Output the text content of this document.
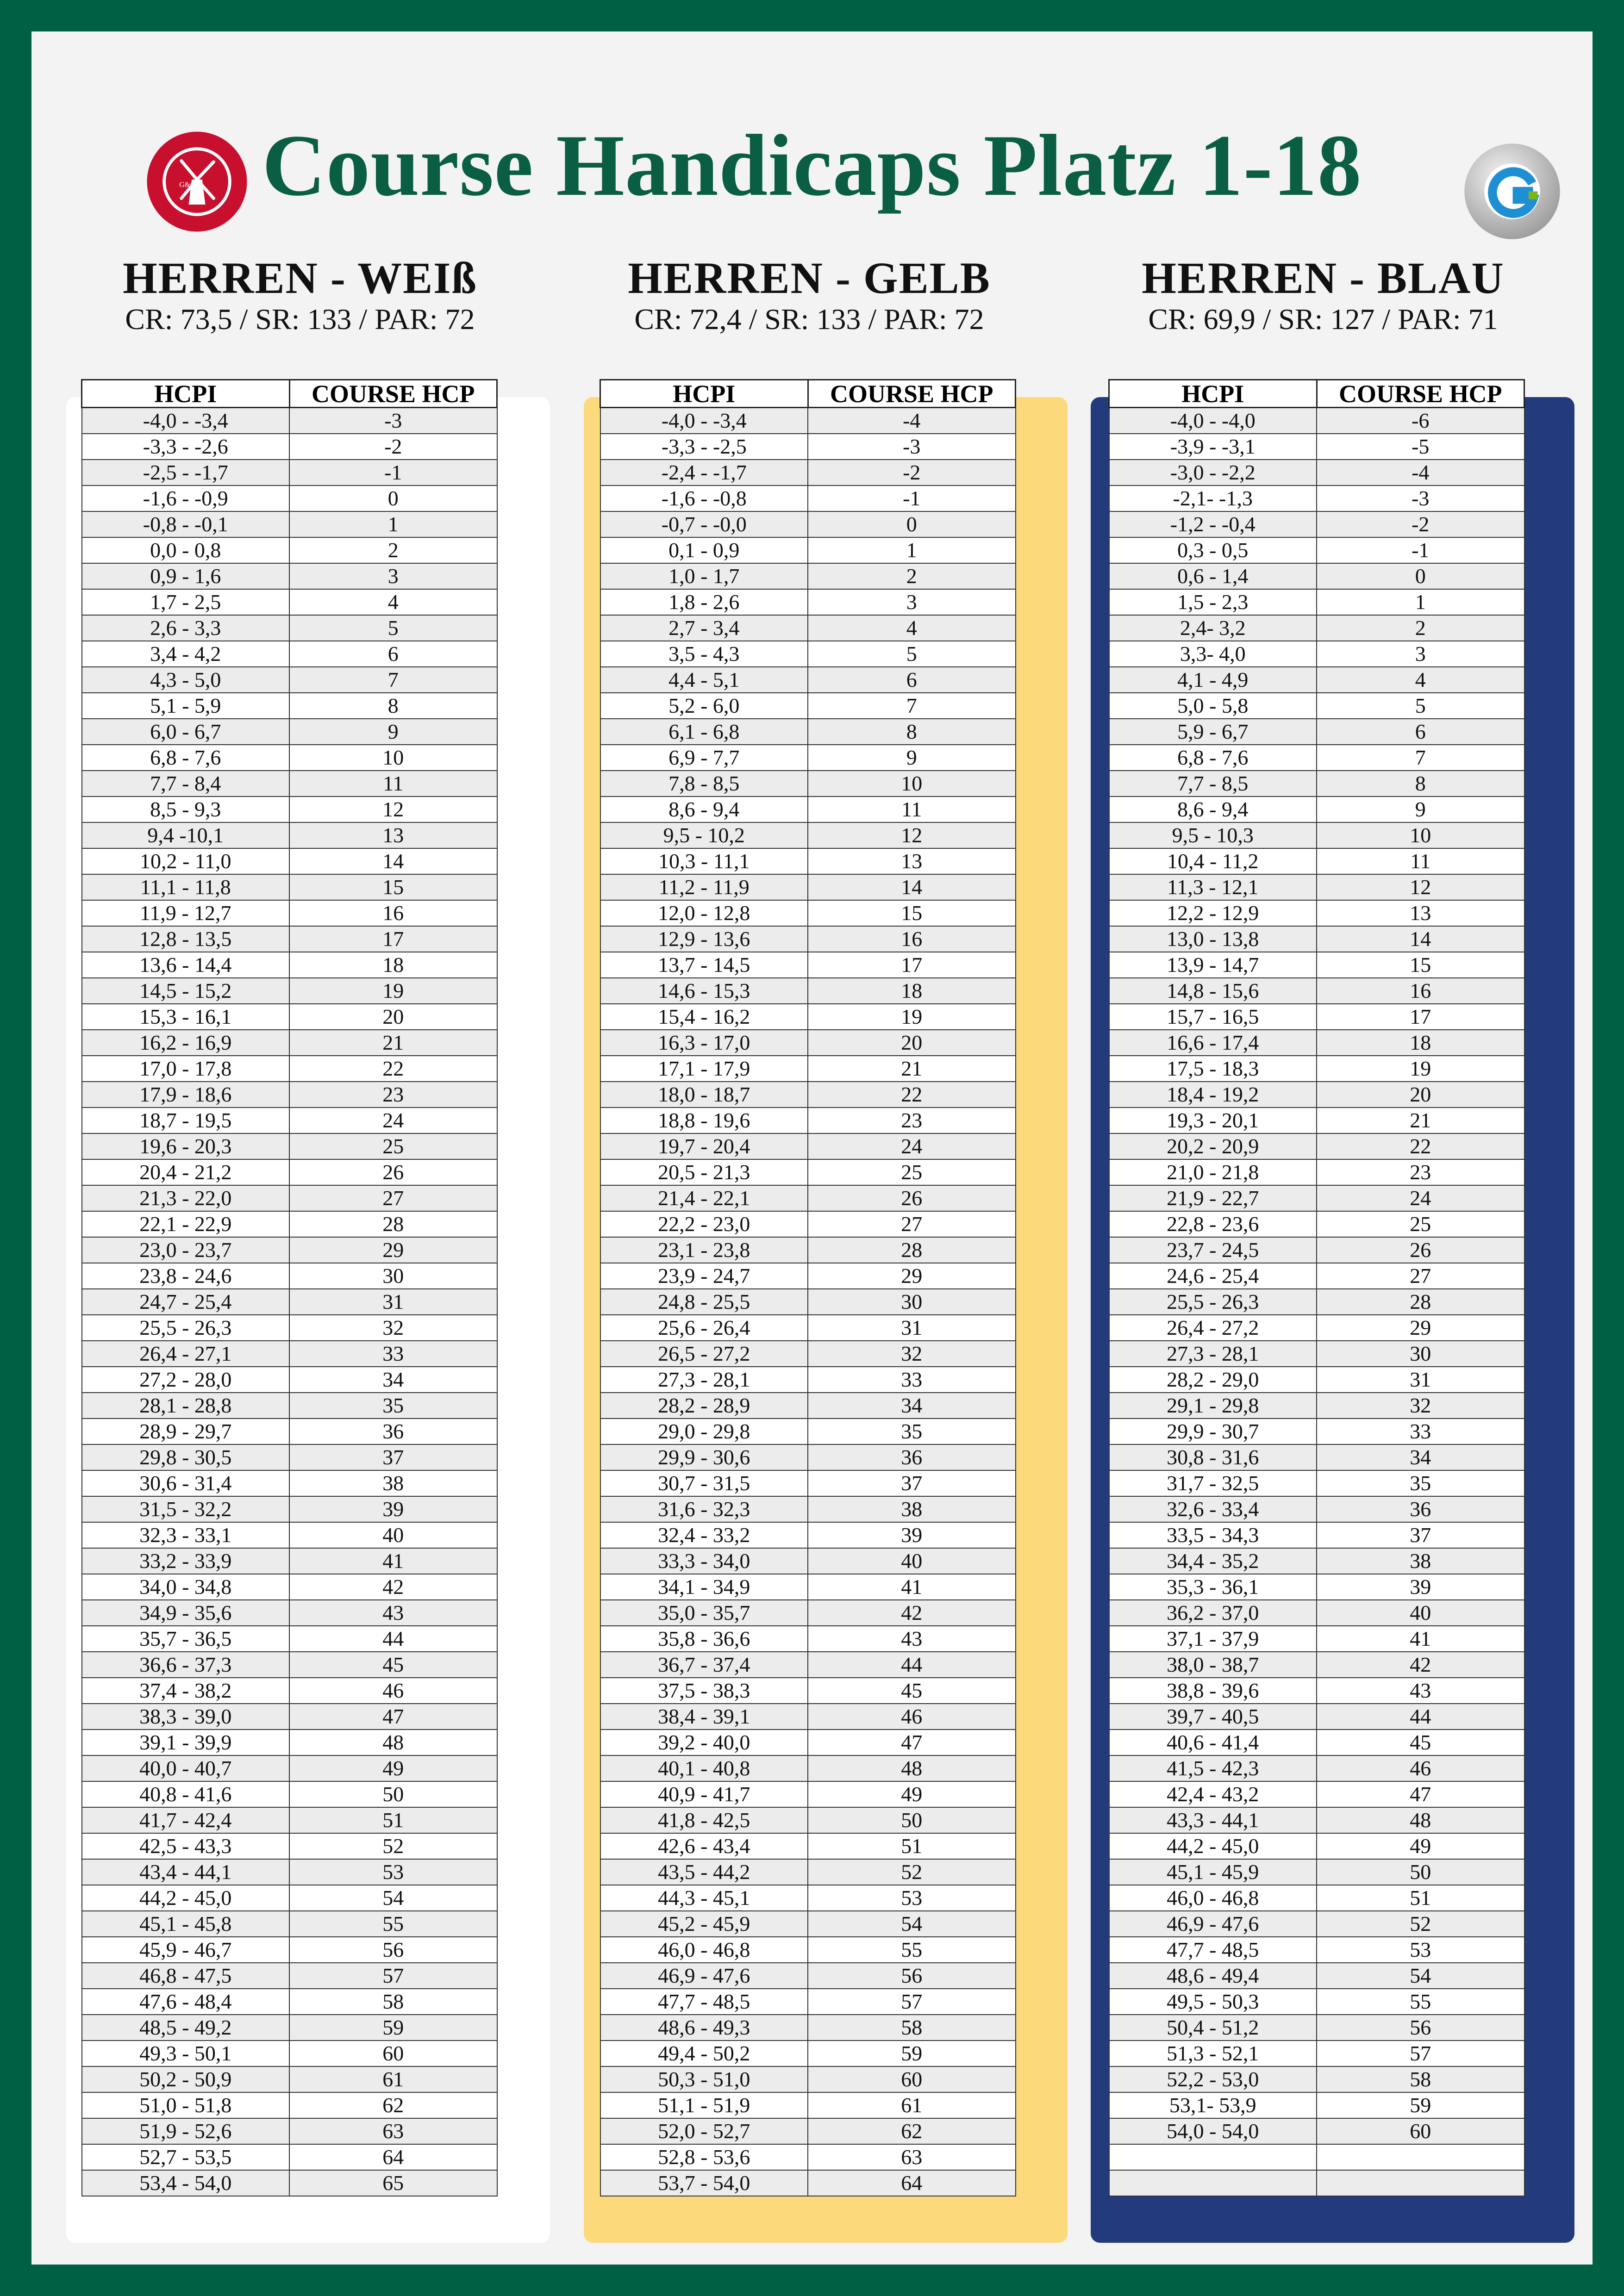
G&CC Course Handicaps Platz 1-18
HERREN - WEIß
CR: 73,5 / SR: 133 / PAR: 72
HERREN - GELB
CR: 72,4 / SR: 133 / PAR: 72
HERREN - BLAU
CR: 69,9 / SR: 127 / PAR: 71
HCPI	COURSE HCP
-4,0 - -3,4	-3
-3,3 - -2,6	-2
-2,5 - -1,7	-1
-1,6 - -0,9	0
-0,8 - -0,1	1
0,0 - 0,8	2
0,9 - 1,6	3
1,7 - 2,5	4
2,6 - 3,3	5
3,4 - 4,2	6
4,3 - 5,0	7
5,1 - 5,9	8
6,0 - 6,7	9
6,8 - 7,6	10
7,7 - 8,4	11
8,5 - 9,3	12
9,4 -10,1	13
10,2 - 11,0	14
11,1 - 11,8	15
11,9 - 12,7	16
12,8 - 13,5	17
13,6 - 14,4	18
14,5 - 15,2	19
15,3 - 16,1	20
16,2 - 16,9	21
17,0 - 17,8	22
17,9 - 18,6	23
18,7 - 19,5	24
19,6 - 20,3	25
20,4 - 21,2	26
21,3 - 22,0	27
22,1 - 22,9	28
23,0 - 23,7	29
23,8 - 24,6	30
24,7 - 25,4	31
25,5 - 26,3	32
26,4 - 27,1	33
27,2 - 28,0	34
28,1 - 28,8	35
28,9 - 29,7	36
29,8 - 30,5	37
30,6 - 31,4	38
31,5 - 32,2	39
32,3 - 33,1	40
33,2 - 33,9	41
34,0 - 34,8	42
34,9 - 35,6	43
35,7 - 36,5	44
36,6 - 37,3	45
37,4 - 38,2	46
38,3 - 39,0	47
39,1 - 39,9	48
40,0 - 40,7	49
40,8 - 41,6	50
41,7 - 42,4	51
42,5 - 43,3	52
43,4 - 44,1	53
44,2 - 45,0	54
45,1 - 45,8	55
45,9 - 46,7	56
46,8 - 47,5	57
47,6 - 48,4	58
48,5 - 49,2	59
49,3 - 50,1	60
50,2 - 50,9	61
51,0 - 51,8	62
51,9 - 52,6	63
52,7 - 53,5	64
53,4 - 54,0	65
HCPI	COURSE HCP
-4,0 - -3,4	-4
-3,3 - -2,5	-3
-2,4 - -1,7	-2
-1,6 - -0,8	-1
-0,7 - -0,0	0
0,1 - 0,9	1
1,0 - 1,7	2
1,8 - 2,6	3
2,7 - 3,4	4
3,5 - 4,3	5
4,4 - 5,1	6
5,2 - 6,0	7
6,1 - 6,8	8
6,9 - 7,7	9
7,8 - 8,5	10
8,6 - 9,4	11
9,5 - 10,2	12
10,3 - 11,1	13
11,2 - 11,9	14
12,0 - 12,8	15
12,9 - 13,6	16
13,7 - 14,5	17
14,6 - 15,3	18
15,4 - 16,2	19
16,3 - 17,0	20
17,1 - 17,9	21
18,0 - 18,7	22
18,8 - 19,6	23
19,7 - 20,4	24
20,5 - 21,3	25
21,4 - 22,1	26
22,2 - 23,0	27
23,1 - 23,8	28
23,9 - 24,7	29
24,8 - 25,5	30
25,6 - 26,4	31
26,5 - 27,2	32
27,3 - 28,1	33
28,2 - 28,9	34
29,0 - 29,8	35
29,9 - 30,6	36
30,7 - 31,5	37
31,6 - 32,3	38
32,4 - 33,2	39
33,3 - 34,0	40
34,1 - 34,9	41
35,0 - 35,7	42
35,8 - 36,6	43
36,7 - 37,4	44
37,5 - 38,3	45
38,4 - 39,1	46
39,2 - 40,0	47
40,1 - 40,8	48
40,9 - 41,7	49
41,8 - 42,5	50
42,6 - 43,4	51
43,5 - 44,2	52
44,3 - 45,1	53
45,2 - 45,9	54
46,0 - 46,8	55
46,9 - 47,6	56
47,7 - 48,5	57
48,6 - 49,3	58
49,4 - 50,2	59
50,3 - 51,0	60
51,1 - 51,9	61
52,0 - 52,7	62
52,8 - 53,6	63
53,7 - 54,0	64
HCPI	COURSE HCP
-4,0 - -4,0	-6
-3,9 - -3,1	-5
-3,0 - -2,2	-4
-2,1- -1,3	-3
-1,2 - -0,4	-2
0,3 - 0,5	-1
0,6 - 1,4	0
1,5 - 2,3	1
2,4- 3,2	2
3,3- 4,0	3
4,1 - 4,9	4
5,0 - 5,8	5
5,9 - 6,7	6
6,8 - 7,6	7
7,7 - 8,5	8
8,6 - 9,4	9
9,5 - 10,3	10
10,4 - 11,2	11
11,3 - 12,1	12
12,2 - 12,9	13
13,0 - 13,8	14
13,9 - 14,7	15
14,8 - 15,6	16
15,7 - 16,5	17
16,6 - 17,4	18
17,5 - 18,3	19
18,4 - 19,2	20
19,3 - 20,1	21
20,2 - 20,9	22
21,0 - 21,8	23
21,9 - 22,7	24
22,8 - 23,6	25
23,7 - 24,5	26
24,6 - 25,4	27
25,5 - 26,3	28
26,4 - 27,2	29
27,3 - 28,1	30
28,2 - 29,0	31
29,1 - 29,8	32
29,9 - 30,7	33
30,8 - 31,6	34
31,7 - 32,5	35
32,6 - 33,4	36
33,5 - 34,3	37
34,4 - 35,2	38
35,3 - 36,1	39
36,2 - 37,0	40
37,1 - 37,9	41
38,0 - 38,7	42
38,8 - 39,6	43
39,7 - 40,5	44
40,6 - 41,4	45
41,5 - 42,3	46
42,4 - 43,2	47
43,3 - 44,1	48
44,2 - 45,0	49
45,1 - 45,9	50
46,0 - 46,8	51
46,9 - 47,6	52
47,7 - 48,5	53
48,6 - 49,4	54
49,5 - 50,3	55
50,4 - 51,2	56
51,3 - 52,1	57
52,2 - 53,0	58
53,1- 53,9	59
54,0 - 54,0	60
